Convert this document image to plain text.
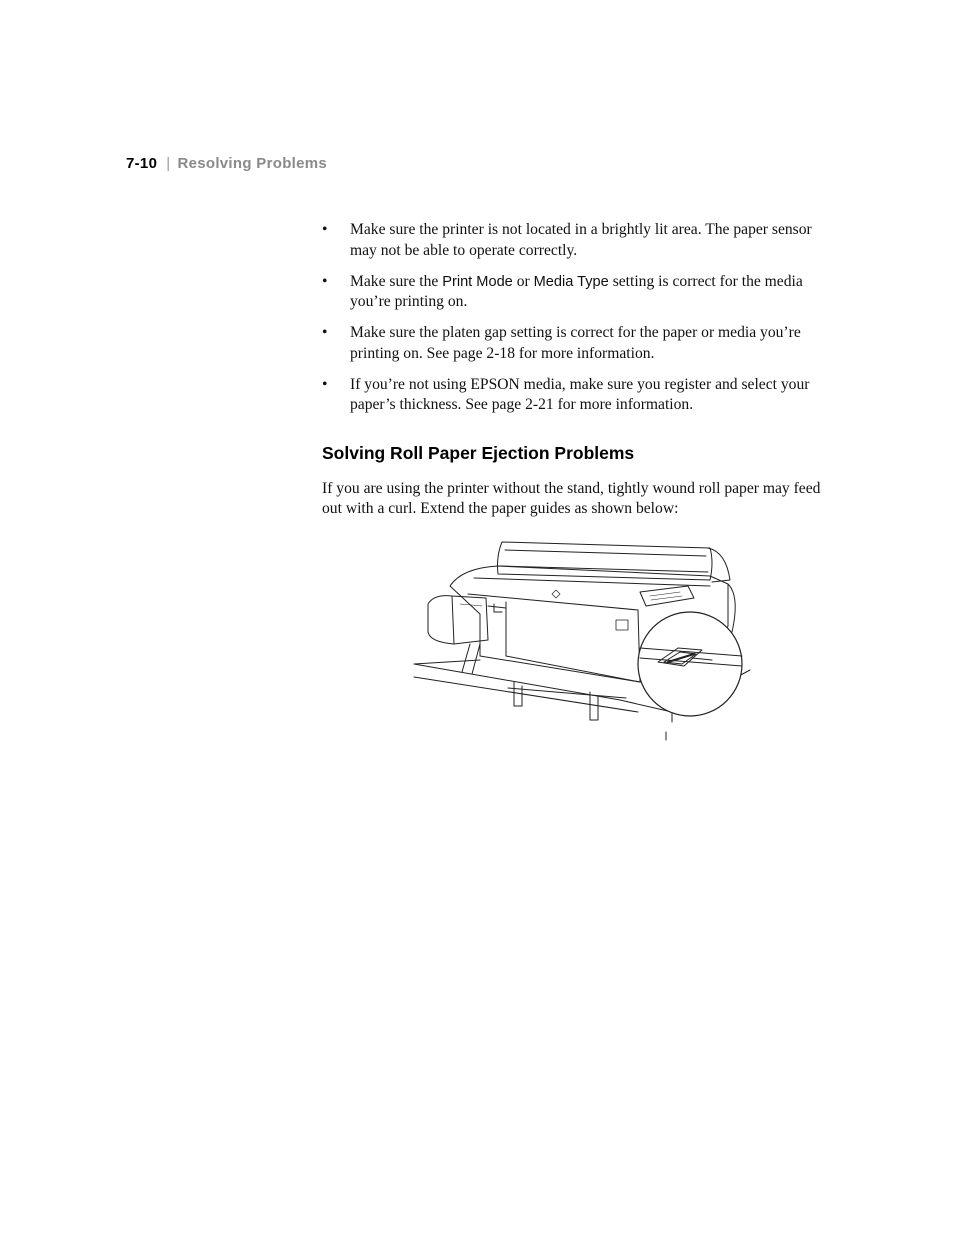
7-10 | Resolving Problems
• Make sure the printer is not located in a brightly lit area. The paper sensor may not be able to operate correctly.
• Make sure the Print Mode or Media Type setting is correct for the media you’re printing on.
• Make sure the platen gap setting is correct for the paper or media you’re printing on. See page 2-18 for more information.
• If you’re not using EPSON media, make sure you register and select your paper’s thickness. See page 2-21 for more information.
Solving Roll Paper Ejection Problems

If you are using the printer without the stand, tightly wound roll paper may feed out with a curl. Extend the paper guides as shown below:
